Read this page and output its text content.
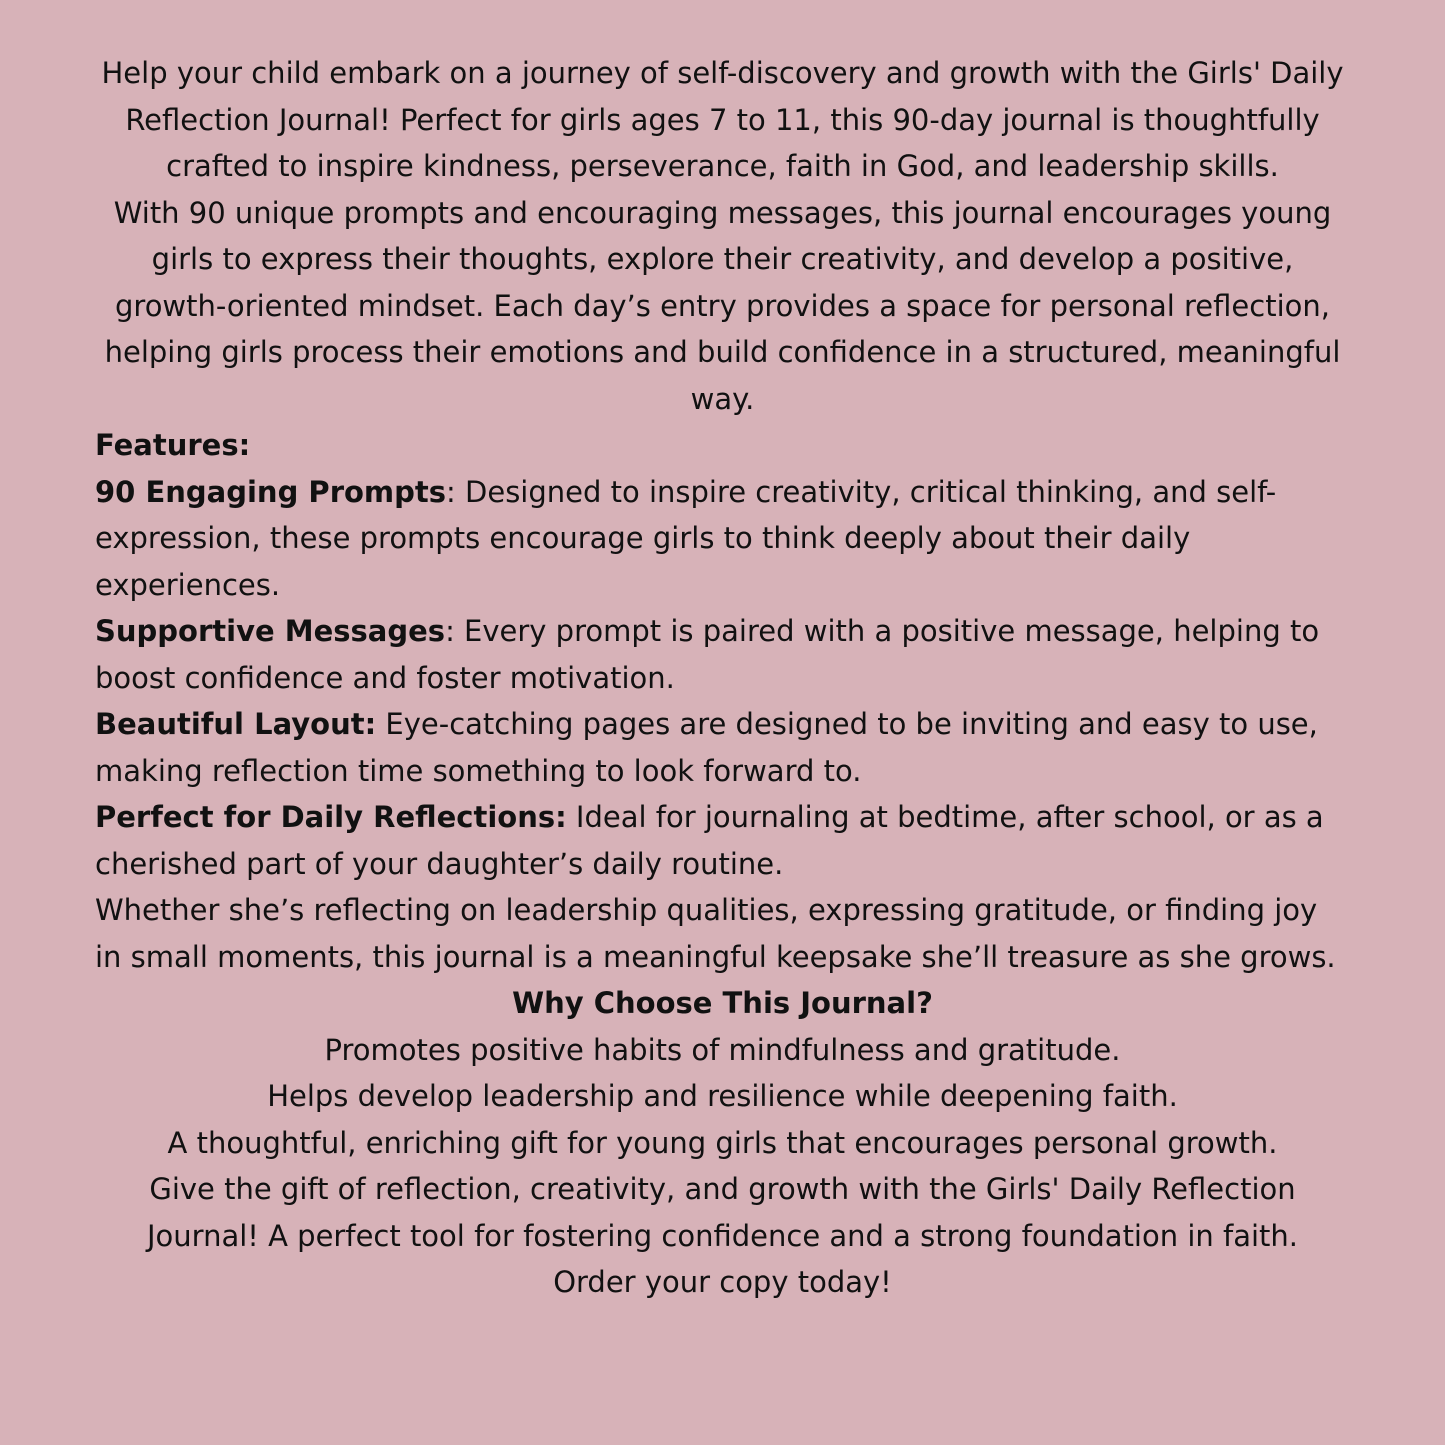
Help your child embark on a journey of self-discovery and growth with the Girls' Daily Reflection Journal! Perfect for girls ages 7 to 11, this 90-day journal is thoughtfully crafted to inspire kindness, perseverance, faith in God, and leadership skills.

With 90 unique prompts and encouraging messages, this journal encourages young girls to express their thoughts, explore their creativity, and develop a positive, growth-oriented mindset. Each day’s entry provides a space for personal reflection, helping girls process their emotions and build confidence in a structured, meaningful way.

Features:

90 Engaging Prompts: Designed to inspire creativity, critical thinking, and self-expression, these prompts encourage girls to think deeply about their daily experiences.

Supportive Messages: Every prompt is paired with a positive message, helping to boost confidence and foster motivation.

Beautiful Layout: Eye-catching pages are designed to be inviting and easy to use, making reflection time something to look forward to.

Perfect for Daily Reflections: Ideal for journaling at bedtime, after school, or as a cherished part of your daughter’s daily routine.

Whether she’s reflecting on leadership qualities, expressing gratitude, or finding joy in small moments, this journal is a meaningful keepsake she’ll treasure as she grows.

Why Choose This Journal?

Promotes positive habits of mindfulness and gratitude.

Helps develop leadership and resilience while deepening faith.

A thoughtful, enriching gift for young girls that encourages personal growth.

Give the gift of reflection, creativity, and growth with the Girls' Daily Reflection Journal! A perfect tool for fostering confidence and a strong foundation in faith.

Order your copy today!
